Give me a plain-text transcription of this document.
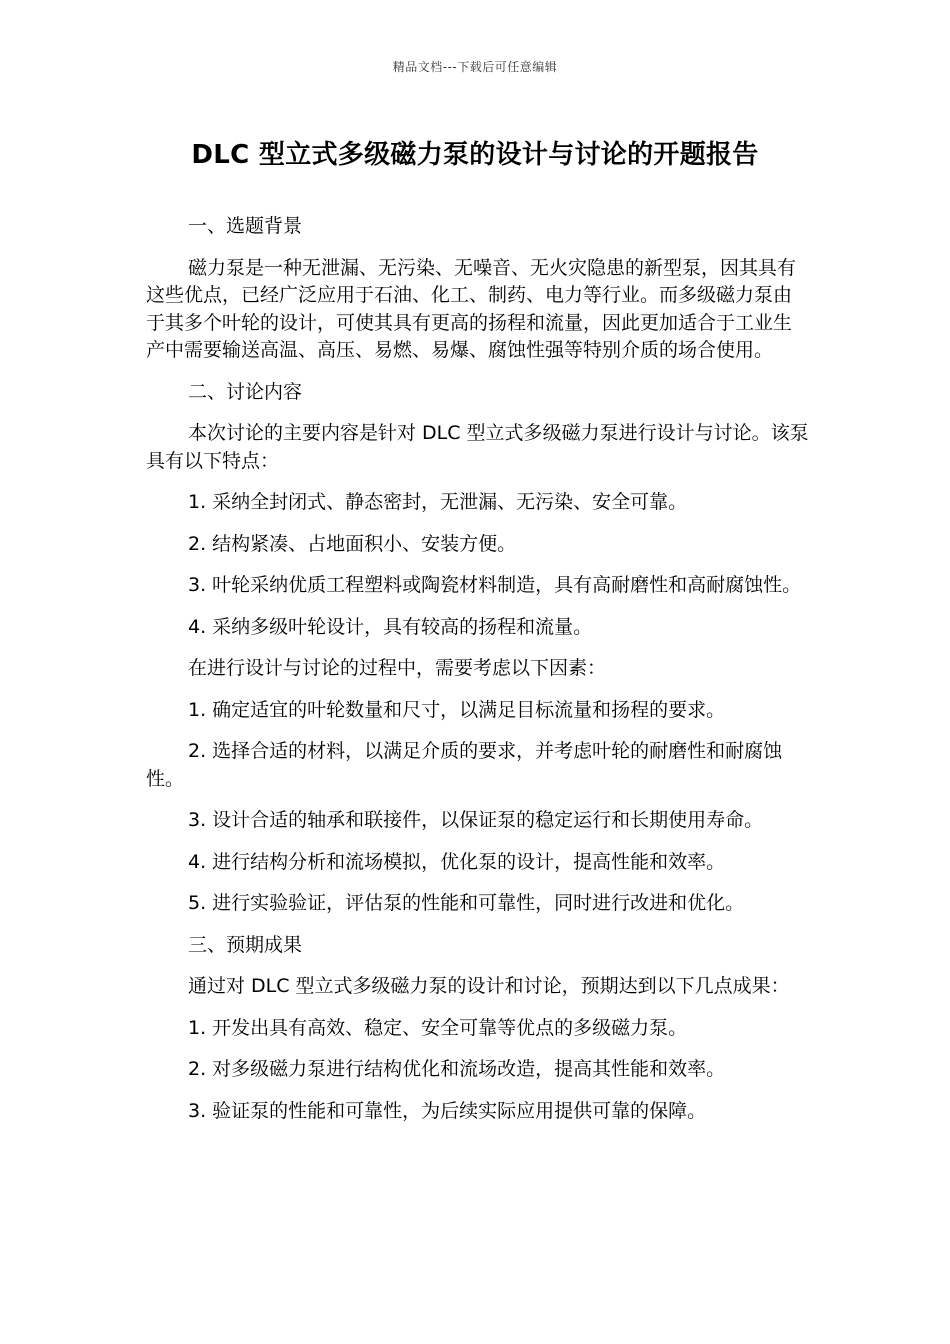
精品文档---下载后可任意编辑
DLC 型立式多级磁力泵的设计与讨论的开题报告

一、选题背景

磁力泵是一种无泄漏、无污染、无噪音、无火灾隐患的新型泵，因其具有这些优点，已经广泛应用于石油、化工、制药、电力等行业。而多级磁力泵由于其多个叶轮的设计，可使其具有更高的扬程和流量，因此更加适合于工业生产中需要输送高温、高压、易燃、易爆、腐蚀性强等特别介质的场合使用。

二、讨论内容

本次讨论的主要内容是针对 DLC 型立式多级磁力泵进行设计与讨论。该泵具有以下特点：

1. 采纳全封闭式、静态密封，无泄漏、无污染、安全可靠。

2. 结构紧凑、占地面积小、安装方便。

3. 叶轮采纳优质工程塑料或陶瓷材料制造，具有高耐磨性和高耐腐蚀性。

4. 采纳多级叶轮设计，具有较高的扬程和流量。

在进行设计与讨论的过程中，需要考虑以下因素：

1. 确定适宜的叶轮数量和尺寸，以满足目标流量和扬程的要求。

2. 选择合适的材料，以满足介质的要求，并考虑叶轮的耐磨性和耐腐蚀性。

3. 设计合适的轴承和联接件，以保证泵的稳定运行和长期使用寿命。

4. 进行结构分析和流场模拟，优化泵的设计，提高性能和效率。

5. 进行实验验证，评估泵的性能和可靠性，同时进行改进和优化。

三、预期成果

通过对 DLC 型立式多级磁力泵的设计和讨论，预期达到以下几点成果：

1. 开发出具有高效、稳定、安全可靠等优点的多级磁力泵。

2. 对多级磁力泵进行结构优化和流场改造，提高其性能和效率。

3. 验证泵的性能和可靠性，为后续实际应用提供可靠的保障。
